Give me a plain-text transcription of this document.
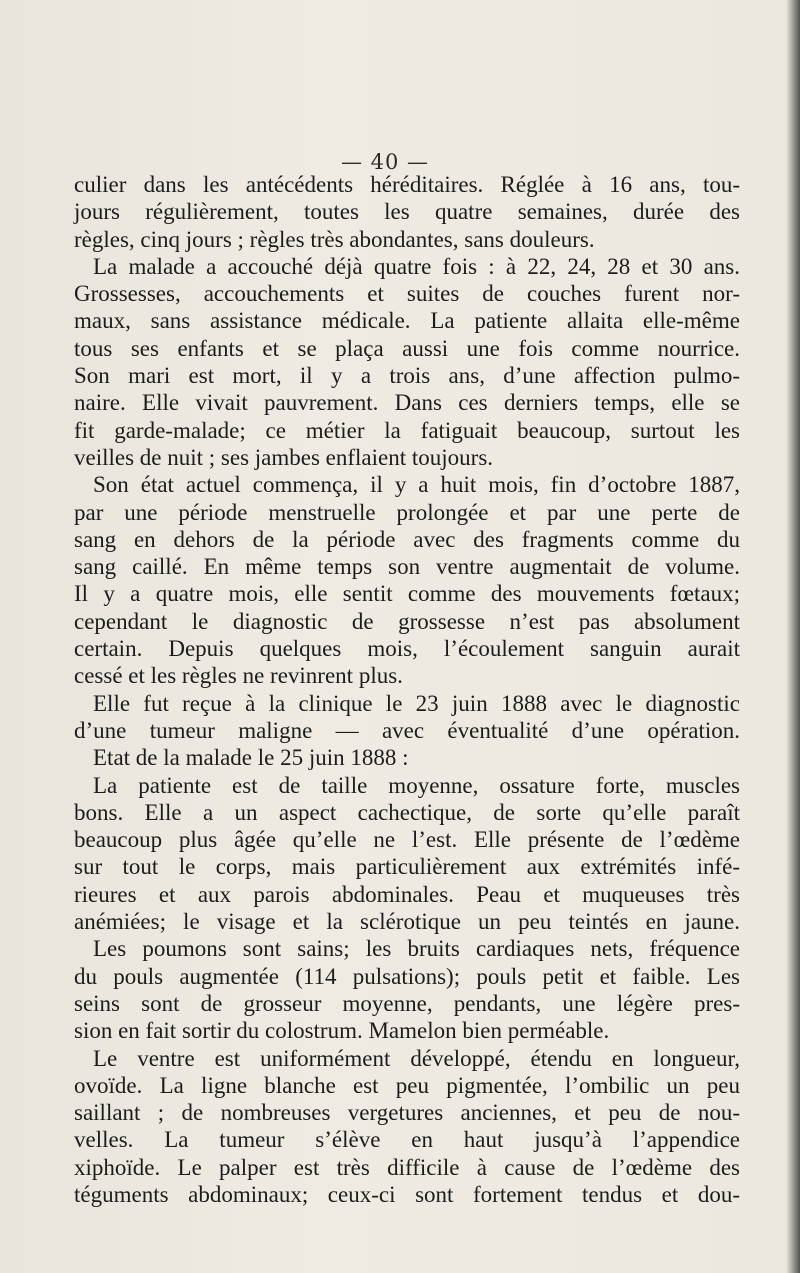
— 40 —
culier dans les antécédents héréditaires. Réglée à 16 ans, tou-
jours régulièrement, toutes les quatre semaines, durée des
règles, cinq jours ; règles très abondantes, sans douleurs.
La malade a accouché déjà quatre fois : à 22, 24, 28 et 30 ans.
Grossesses, accouchements et suites de couches furent nor-
maux, sans assistance médicale. La patiente allaita elle-même
tous ses enfants et se plaça aussi une fois comme nourrice.
Son mari est mort, il y a trois ans, d’une affection pulmo-
naire. Elle vivait pauvrement. Dans ces derniers temps, elle se
fit garde-malade; ce métier la fatiguait beaucoup, surtout les
veilles de nuit ; ses jambes enflaient toujours.
Son état actuel commença, il y a huit mois, fin d’octobre 1887,
par une période menstruelle prolongée et par une perte de
sang en dehors de la période avec des fragments comme du
sang caillé. En même temps son ventre augmentait de volume.
Il y a quatre mois, elle sentit comme des mouvements fœtaux;
cependant le diagnostic de grossesse n’est pas absolument
certain. Depuis quelques mois, l’écoulement sanguin aurait
cessé et les règles ne revinrent plus.
Elle fut reçue à la clinique le 23 juin 1888 avec le diagnostic
d’une tumeur maligne — avec éventualité d’une opération.
Etat de la malade le 25 juin 1888 :
La patiente est de taille moyenne, ossature forte, muscles
bons. Elle a un aspect cachectique, de sorte qu’elle paraît
beaucoup plus âgée qu’elle ne l’est. Elle présente de l’œdème
sur tout le corps, mais particulièrement aux extrémités infé-
rieures et aux parois abdominales. Peau et muqueuses très
anémiées; le visage et la sclérotique un peu teintés en jaune.
Les poumons sont sains; les bruits cardiaques nets, fréquence
du pouls augmentée (114 pulsations); pouls petit et faible. Les
seins sont de grosseur moyenne, pendants, une légère pres-
sion en fait sortir du colostrum. Mamelon bien perméable.
Le ventre est uniformément développé, étendu en longueur,
ovoïde. La ligne blanche est peu pigmentée, l’ombilic un peu
saillant ; de nombreuses vergetures anciennes, et peu de nou-
velles. La tumeur s’élève en haut jusqu’à l’appendice
xiphoïde. Le palper est très difficile à cause de l’œdème des
téguments abdominaux; ceux-ci sont fortement tendus et dou-
